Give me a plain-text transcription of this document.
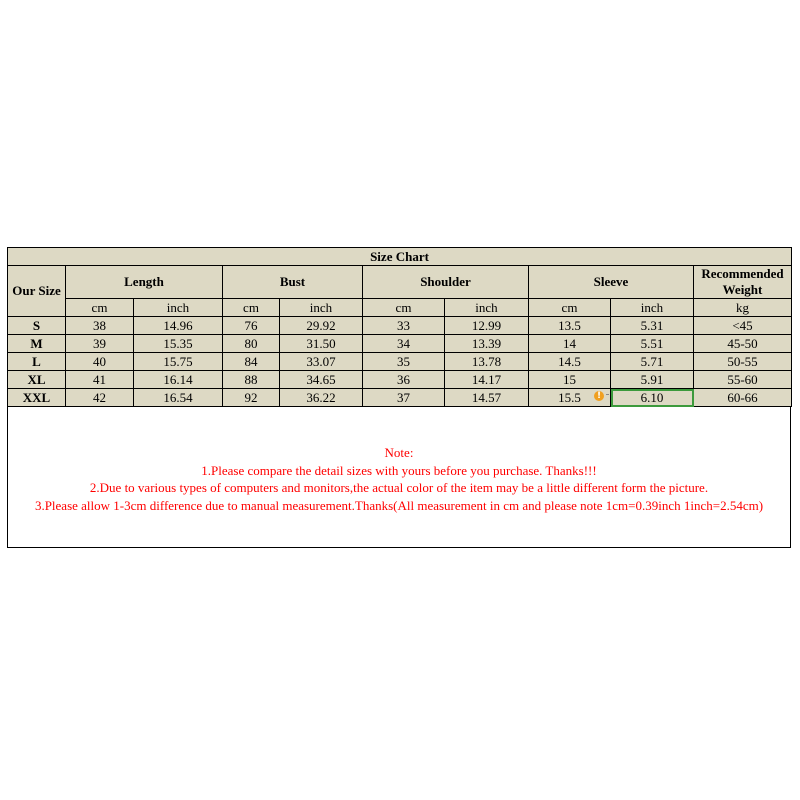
Size Chart									
Our Size	Length		Bust		Shoulder		Sleeve		Recommended
Weight
	cm	inch	cm	inch	cm	inch	cm	inch	kg
S	38	14.96	76	29.92	33	12.99	13.5	5.31	<45
M	39	15.35	80	31.50	34	13.39	14	5.51	45-50
L	40	15.75	84	33.07	35	13.78	14.5	5.71	50-55
XL	41	16.14	88	34.65	36	14.17	15	5.91	55-60
XXL	42	16.54	92	36.22	37	14.57	15.5 !	6.10	60-66
Note:
1.Please compare the detail sizes with yours before you purchase. Thanks!!!
2.Due to various types of computers and monitors,the actual color of the item may be a little different form the picture.
3.Please allow 1-3cm difference due to manual measurement.Thanks(All measurement in cm and please note 1cm=0.39inch 1inch=2.54cm)
